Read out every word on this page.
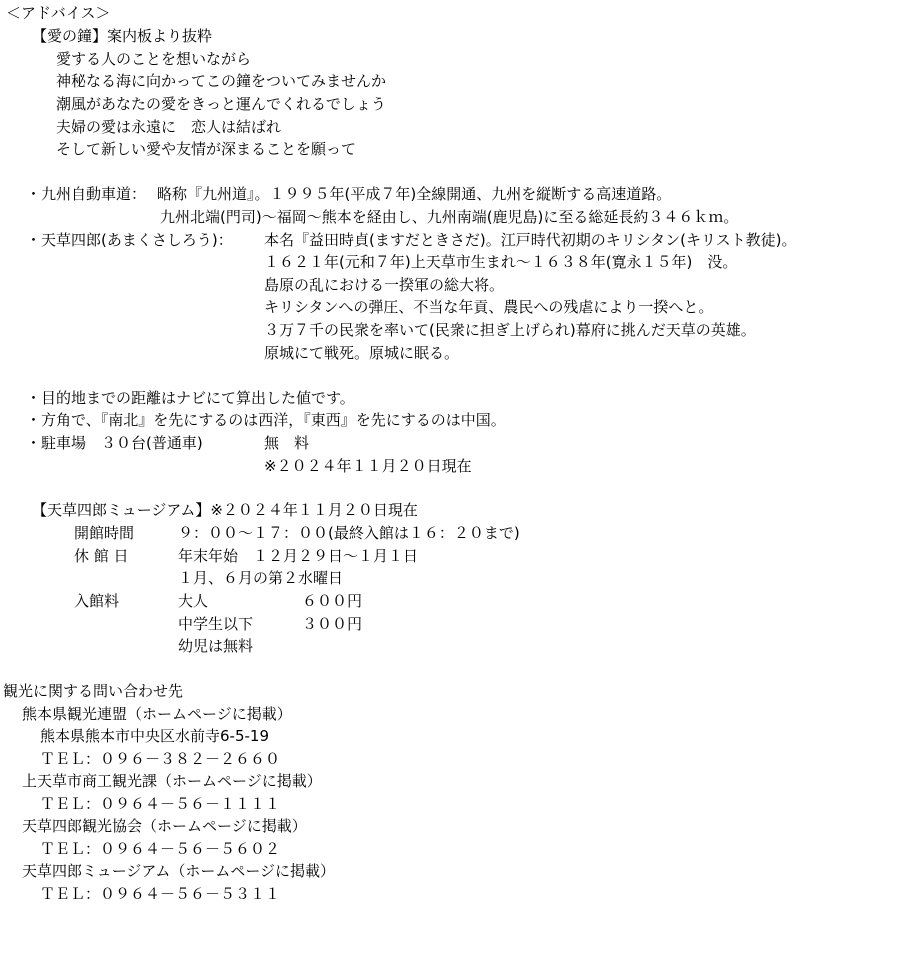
＜アドバイス＞
【愛の鐘】案内板より抜粋
愛する人のことを想いながら
神秘なる海に向かってこの鐘をついてみませんか
潮風があなたの愛をきっと運んでくれるでしょう
夫婦の愛は永遠に　恋人は結ばれ
そして新しい愛や友情が深まることを願って
・九州自動車道： 略称『九州道』。１９９５年(平成７年)全線開通、九州を縦断する高速道路。
九州北端(門司)～福岡～熊本を経由し、九州南端(鹿児島)に至る総延長約３４６ｋｍ。
・天草四郎(あまくさしろう)： 本名『益田時貞(ますだときさだ)。江戸時代初期のキリシタン(キリスト教徒)。
１６２１年(元和７年)上天草市生まれ～１６３８年(寛永１５年)　没。
島原の乱における一揆軍の総大将。
キリシタンへの弾圧、不当な年貢、農民への残虐により一揆へと。
３万７千の民衆を率いて(民衆に担ぎ上げられ)幕府に挑んだ天草の英雄。
原城にて戦死。原城に眠る。
・目的地までの距離はナビにて算出した値です。
・方角で、『南北』を先にするのは西洋，『東西』を先にするのは中国。
・駐車場　３０台(普通車)	無　料
※２０２４年１１月２０日現在
【天草四郎ミュージアム】※２０２４年１１月２０日現在
開館時間	９：００～１７：００(最終入館は１６：２０まで)
休 館 日	年末年始　１２月２９日～１月１日
１月、６月の第２水曜日
入館料	大人	６００円
中学生以下	３００円
幼児は無料
観光に関する問い合わせ先
熊本県観光連盟（ホームページに掲載）
熊本県熊本市中央区水前寺6-5-19
ＴＥＬ：０９６－３８２－２６６０
上天草市商工観光課（ホームページに掲載）
ＴＥＬ：０９６４－５６－１１１１
天草四郎観光協会（ホームページに掲載）
ＴＥＬ：０９６４－５６－５６０２
天草四郎ミュージアム（ホームページに掲載）
ＴＥＬ：０９６４－５６－５３１１
